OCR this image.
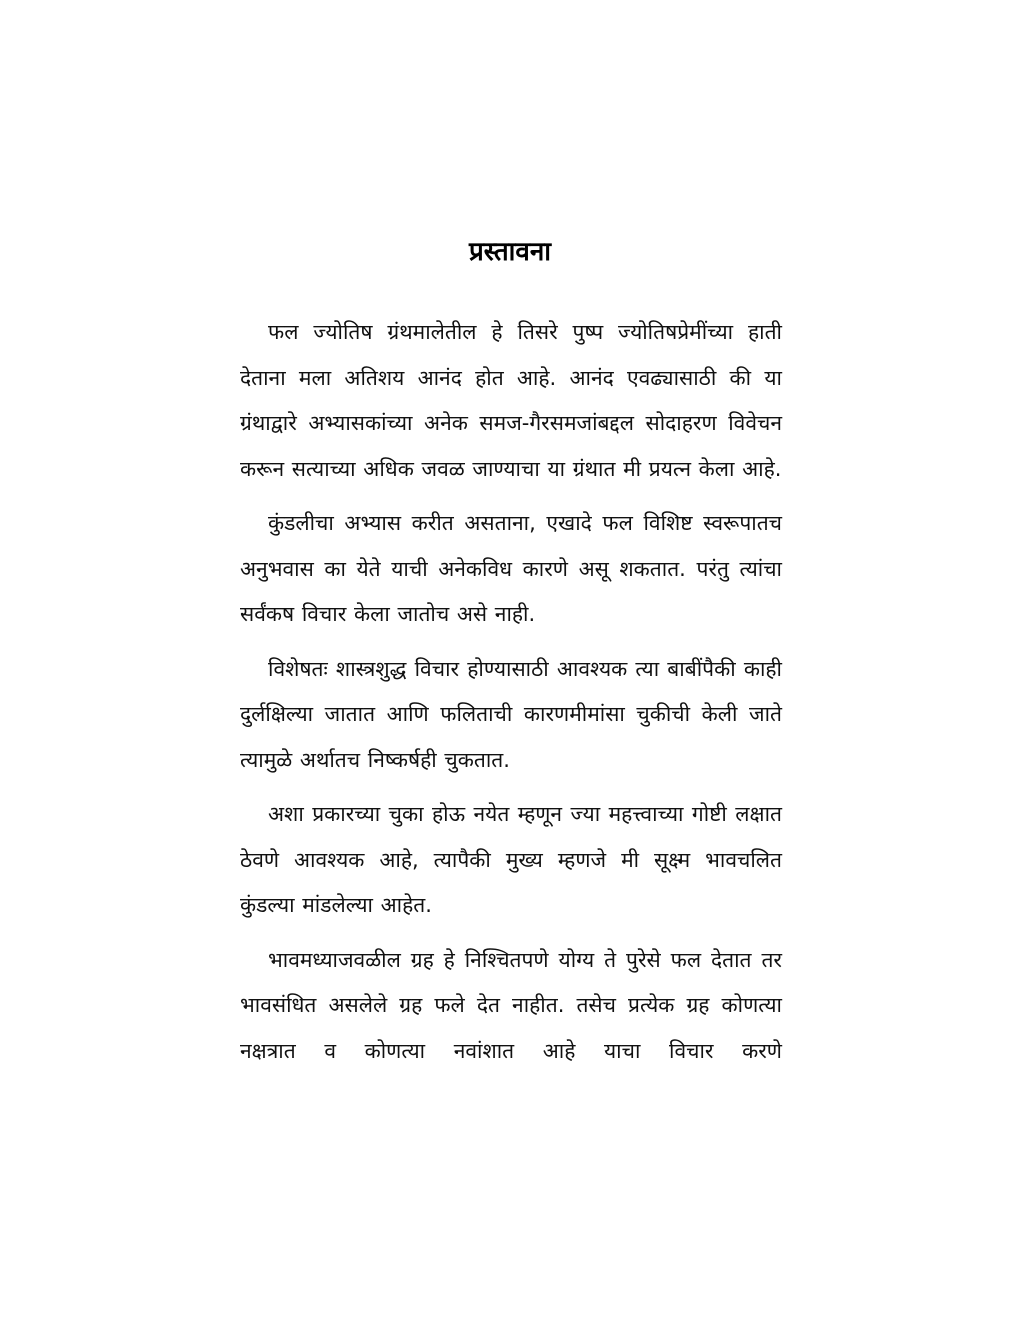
प्रस्तावना

फल ज्योतिष ग्रंथमालेतील हे तिसरे पुष्प ज्योतिषप्रेमींच्या हाती देताना मला अतिशय आनंद होत आहे. आनंद एवढ्यासाठी की या ग्रंथाद्वारे अभ्यासकांच्या अनेक समज-गैरसमजांबद्दल सोदाहरण विवेचन करून सत्याच्या अधिक जवळ जाण्याचा या ग्रंथात मी प्रयत्न केला आहे.

कुंडलीचा अभ्यास करीत असताना, एखादे फल विशिष्ट स्वरूपातच अनुभवास का येते याची अनेकविध कारणे असू शकतात. परंतु त्यांचा सर्वंकष विचार केला जातोच असे नाही.

विशेषतः शास्त्रशुद्ध विचार होण्यासाठी आवश्यक त्या बाबींपैकी काही दुर्लक्षिल्या जातात आणि फलिताची कारणमीमांसा चुकीची केली जाते त्यामुळे अर्थातच निष्कर्षही चुकतात.

अशा प्रकारच्या चुका होऊ नयेत म्हणून ज्या महत्त्वाच्या गोष्टी लक्षात ठेवणे आवश्यक आहे, त्यापैकी मुख्य म्हणजे मी सूक्ष्म भावचलित कुंडल्या मांडलेल्या आहेत.

भावमध्याजवळील ग्रह हे निश्चितपणे योग्य ते पुरेसे फल देतात तर भावसंधित असलेले ग्रह फले देत नाहीत. तसेच प्रत्येक ग्रह कोणत्या नक्षत्रात व कोणत्या नवांशात आहे याचा विचार करणे
